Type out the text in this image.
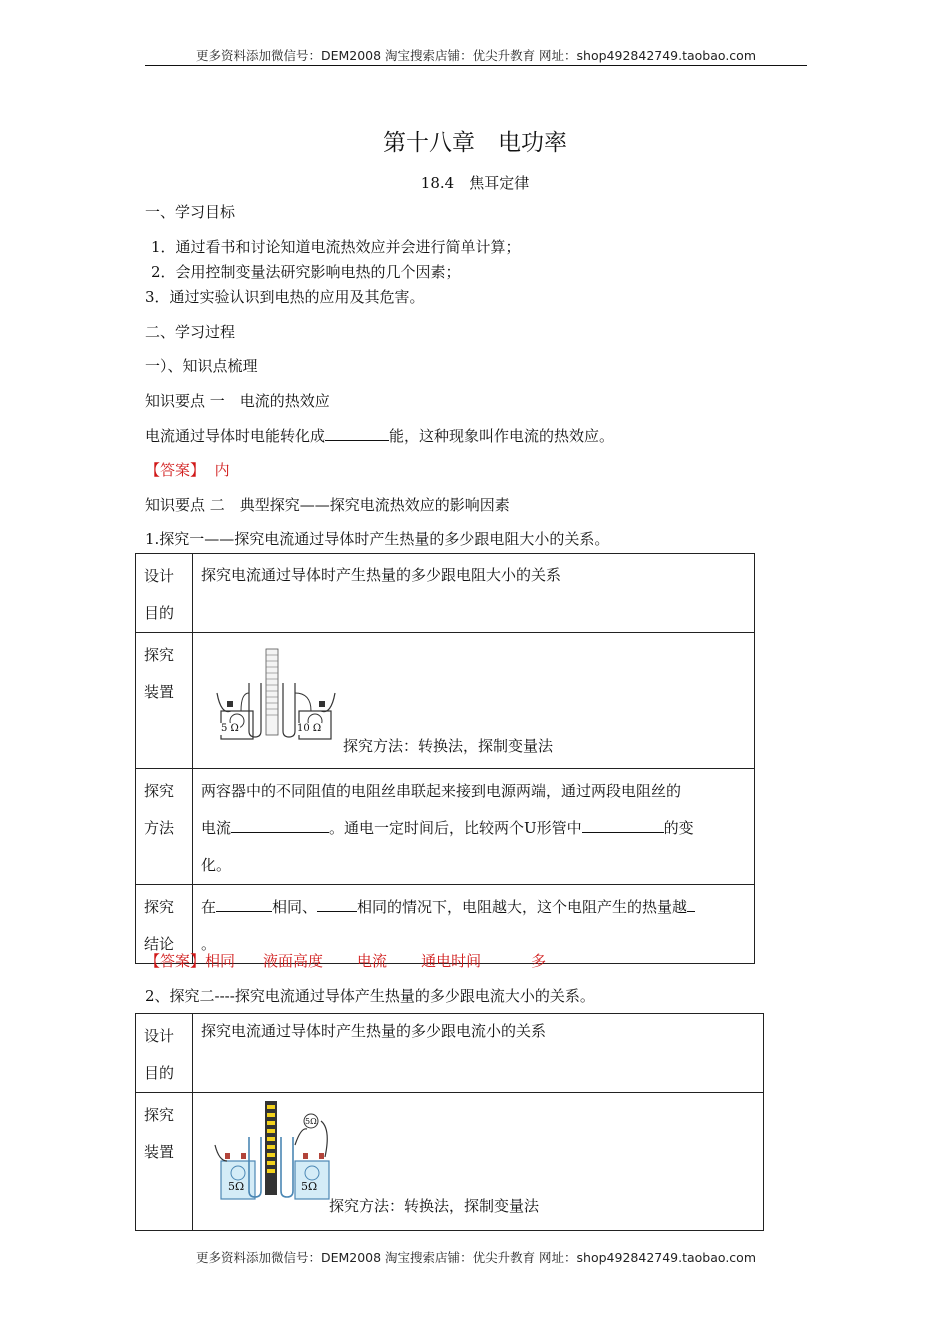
更多资料添加微信号：DEM2008 淘宝搜索店铺：优尖升教育 网址：shop492842749.taobao.com
第十八章　电功率
18.4　焦耳定律
一、学习目标
1．通过看书和讨论知道电流热效应并会进行简单计算；
2．会用控制变量法研究影响电热的几个因素；
3．通过实验认识到电热的应用及其危害。
二、学习过程
一）、知识点梳理
知识要点 一　电流的热效应
电流通过导体时电能转化成	能，这种现象叫作电流的热效应。
【答案】 内
知识要点 二　典型探究——探究电流热效应的影响因素
1.探究一——探究电流通过导体时产生热量的多少跟电阻大小的关系。
设计目的	探究电流通过导体时产生热量的多少跟电阻大小的关系
探究装置	5 Ω 10 Ω
探究方法：转换法，探制变量法

探究方法	两容器中的不同阻值的电阻丝串联起来接到电源两端，通过两段电阻丝的
电流 。通电一定时间后，比较两个U形管中 的变
化。
探究结论	在 相同、 相同的情况下，电阻越大，这个电阻产生的热量越
。
【答案】相同 液面高度 电流 通电时间	多
2、探究二----探究电流通过导体产生热量的多少跟电流大小的关系。
设计目的	探究电流通过导体时产生热量的多少跟电流小的关系
探究装置	5Ω
5Ω 5Ω
探究方法：转换法，探制变量法
更多资料添加微信号：DEM2008 淘宝搜索店铺：优尖升教育 网址：shop492842749.taobao.com
